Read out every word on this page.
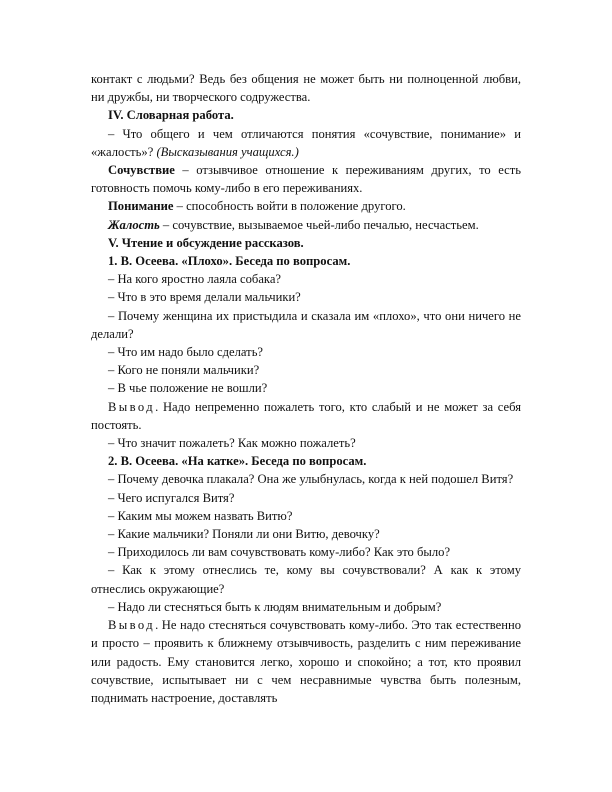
контакт с людьми? Ведь без общения не может быть ни полноценной любви, ни дружбы, ни творческого содружества.

IV. Словарная работа.

– Что общего и чем отличаются понятия «сочувствие, понимание» и «жалость»? (Высказывания учащихся.)

Сочувствие – отзывчивое отношение к переживаниям других, то есть готовность помочь кому-либо в его переживаниях.

Понимание – способность войти в положение другого.

Жалость – сочувствие, вызываемое чьей-либо печалью, несчастьем.

V. Чтение и обсуждение рассказов.

1. В. Осеева. «Плохо». Беседа по вопросам.

– На кого яростно лаяла собака?

– Что в это время делали мальчики?

– Почему женщина их пристыдила и сказала им «плохо», что они ничего не делали?

– Что им надо было сделать?

– Кого не поняли мальчики?

– В чье положение не вошли?

Вывод. Надо непременно пожалеть того, кто слабый и не может за себя постоять.

– Что значит пожалеть? Как можно пожалеть?

2. В. Осеева. «На катке». Беседа по вопросам.

– Почему девочка плакала? Она же улыбнулась, когда к ней подошел Витя?

– Чего испугался Витя?

– Каким мы можем назвать Витю?

– Какие мальчики? Поняли ли они Витю, девочку?

– Приходилось ли вам сочувствовать кому-либо? Как это было?

– Как к этому отнеслись те, кому вы сочувствовали? А как к этому отнеслись окружающие?

– Надо ли стесняться быть к людям внимательным и добрым?

Вывод. Не надо стесняться сочувствовать кому-либо. Это так естественно и просто – проявить к ближнему отзывчивость, разделить с ним переживание или радость. Ему становится легко, хорошо и спокойно; а тот, кто проявил сочувствие, испытывает ни с чем несравнимые чувства быть полезным, поднимать настроение, доставлять
